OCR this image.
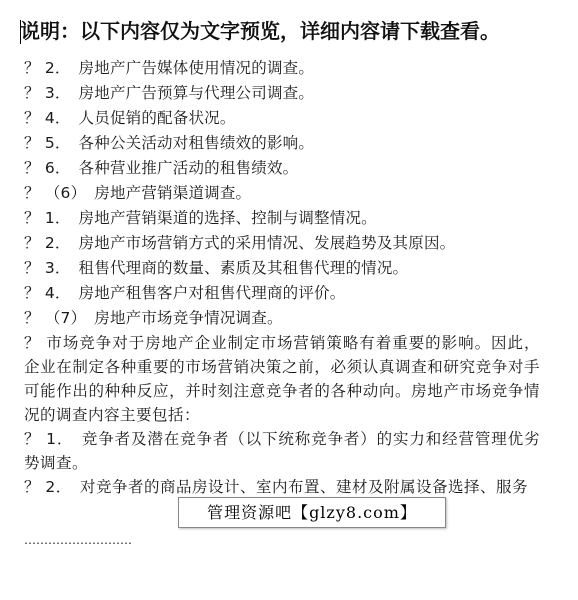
说明：以下内容仅为文字预览，详细内容请下载查看。
？ 2．　房地产广告媒体使用情况的调查。
？ 3．　房地产广告预算与代理公司调查。
？ 4．　人员促销的配备状况。
？ 5．　各种公关活动对租售绩效的影响。
？ 6．　各种营业推广活动的租售绩效。
？ （6）　房地产营销渠道调查。
？ 1．　房地产营销渠道的选择、控制与调整情况。
？ 2．　房地产市场营销方式的采用情况、发展趋势及其原因。
？ 3．　租售代理商的数量、素质及其租售代理的情况。
？ 4．　房地产租售客户对租售代理商的评价。
？ （7）　房地产市场竞争情况调查。
？ 市场竞争对于房地产企业制定市场营销策略有着重要的影响。因此，企业在制定各种重要的市场营销决策之前，必须认真调查和研究竞争对手可能作出的种种反应，并时刻注意竞争者的各种动向。房地产市场竞争情况的调查内容主要包括：
？ 1．　竞争者及潜在竞争者（以下统称竞争者）的实力和经营管理优劣势调查。
？ 2．　对竞争者的商品房设计、室内布置、建材及附属设备选择、服务
………………………
管理资源吧【glzy8.com】
